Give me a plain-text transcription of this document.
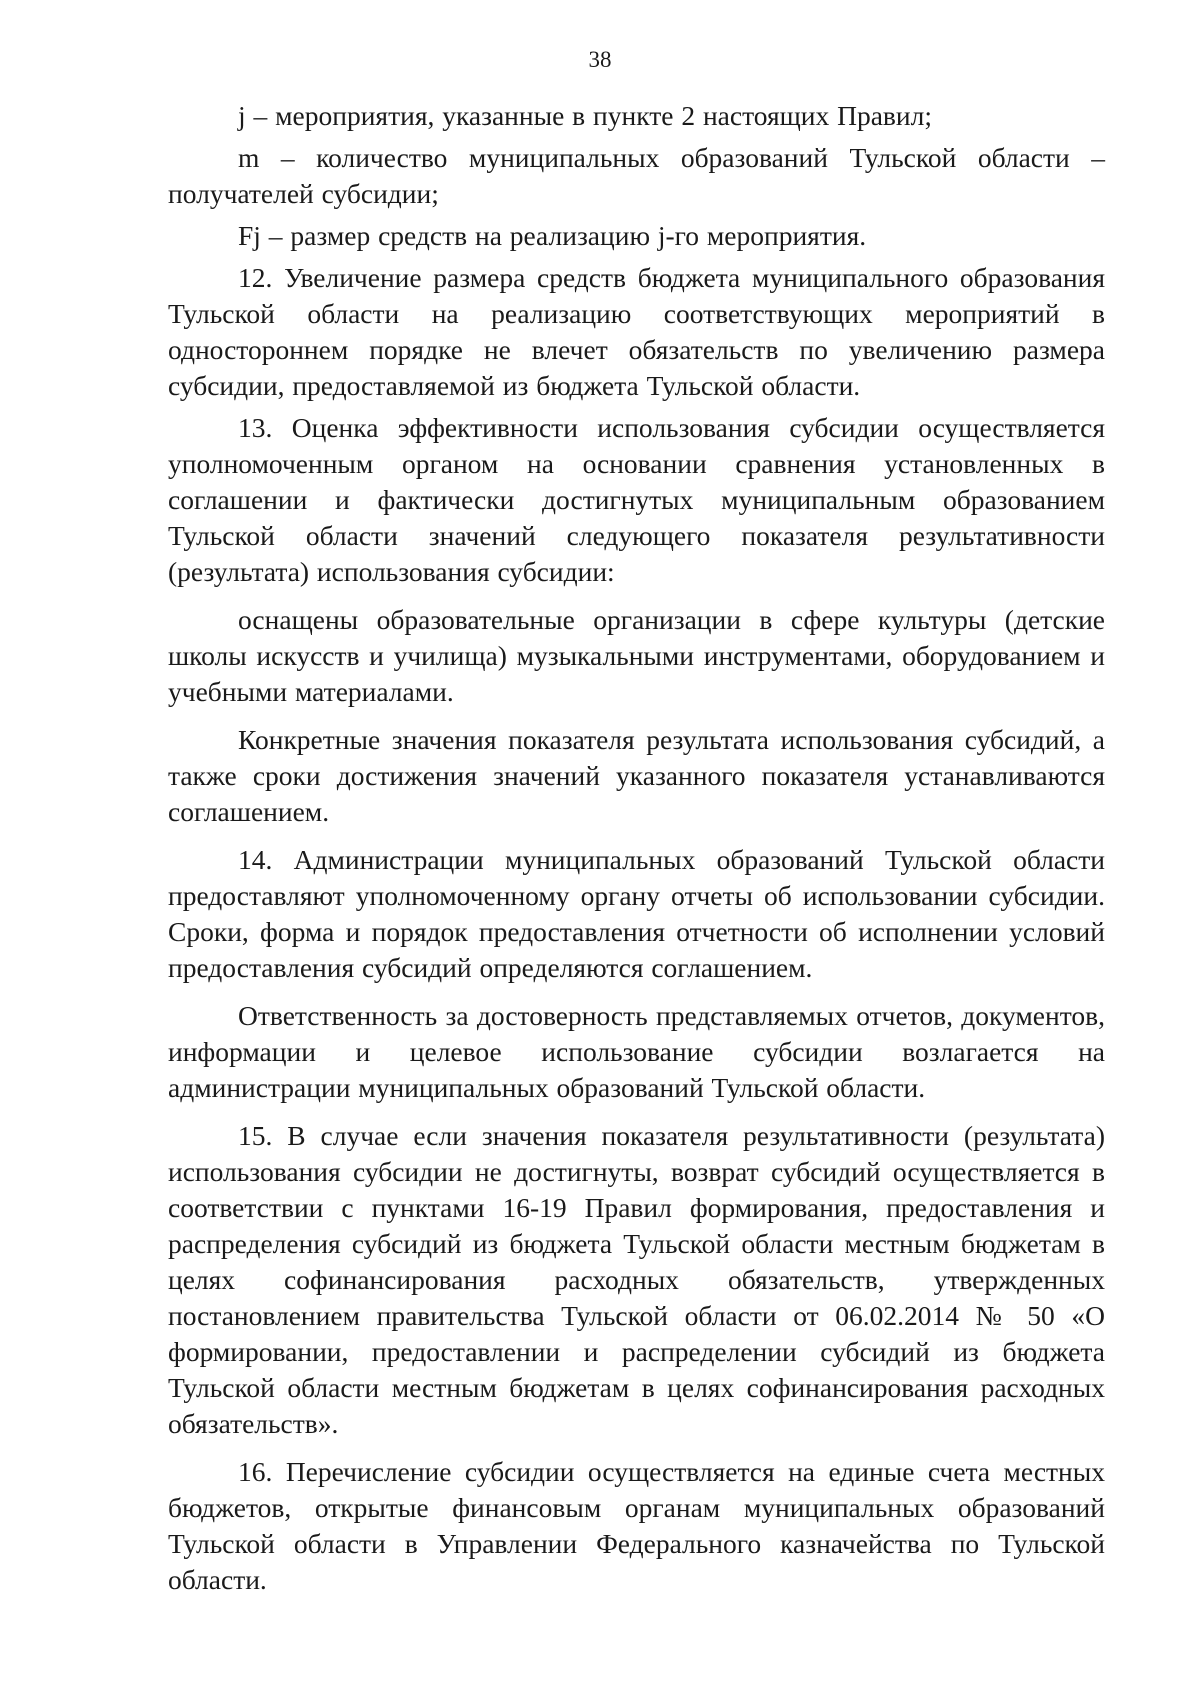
38

j – мероприятия, указанные в пункте 2 настоящих Правил;

m – количество муниципальных образований Тульской области – получателей субсидии;

Fj – размер средств на реализацию j-го мероприятия.

12. Увеличение размера средств бюджета муниципального образования Тульской области на реализацию соответствующих мероприятий в одностороннем порядке не влечет обязательств по увеличению размера субсидии, предоставляемой из бюджета Тульской области.

13. Оценка эффективности использования субсидии осуществляется уполномоченным органом на основании сравнения установленных в соглашении и фактически достигнутых муниципальным образованием Тульской области значений следующего показателя результативности (результата) использования субсидии:

оснащены образовательные организации в сфере культуры (детские школы искусств и училища) музыкальными инструментами, оборудованием и учебными материалами.

Конкретные значения показателя результата использования субсидий, а также сроки достижения значений указанного показателя устанавливаются соглашением.

14. Администрации муниципальных образований Тульской области предоставляют уполномоченному органу отчеты об использовании субсидии. Сроки, форма и порядок предоставления отчетности об исполнении условий предоставления субсидий определяются соглашением.

Ответственность за достоверность представляемых отчетов, документов, информации и целевое использование субсидии возлагается на администрации муниципальных образований Тульской области.

15. В случае если значения показателя результативности (результата) использования субсидии не достигнуты, возврат субсидий осуществляется в соответствии с пунктами 16-19 Правил формирования, предоставления и распределения субсидий из бюджета Тульской области местным бюджетам в целях софинансирования расходных обязательств, утвержденных постановлением правительства Тульской области от 06.02.2014 № 50 «О формировании, предоставлении и распределении субсидий из бюджета Тульской области местным бюджетам в целях софинансирования расходных обязательств».

16. Перечисление субсидии осуществляется на единые счета местных бюджетов, открытые финансовым органам муниципальных образований Тульской области в Управлении Федерального казначейства по Тульской области.
